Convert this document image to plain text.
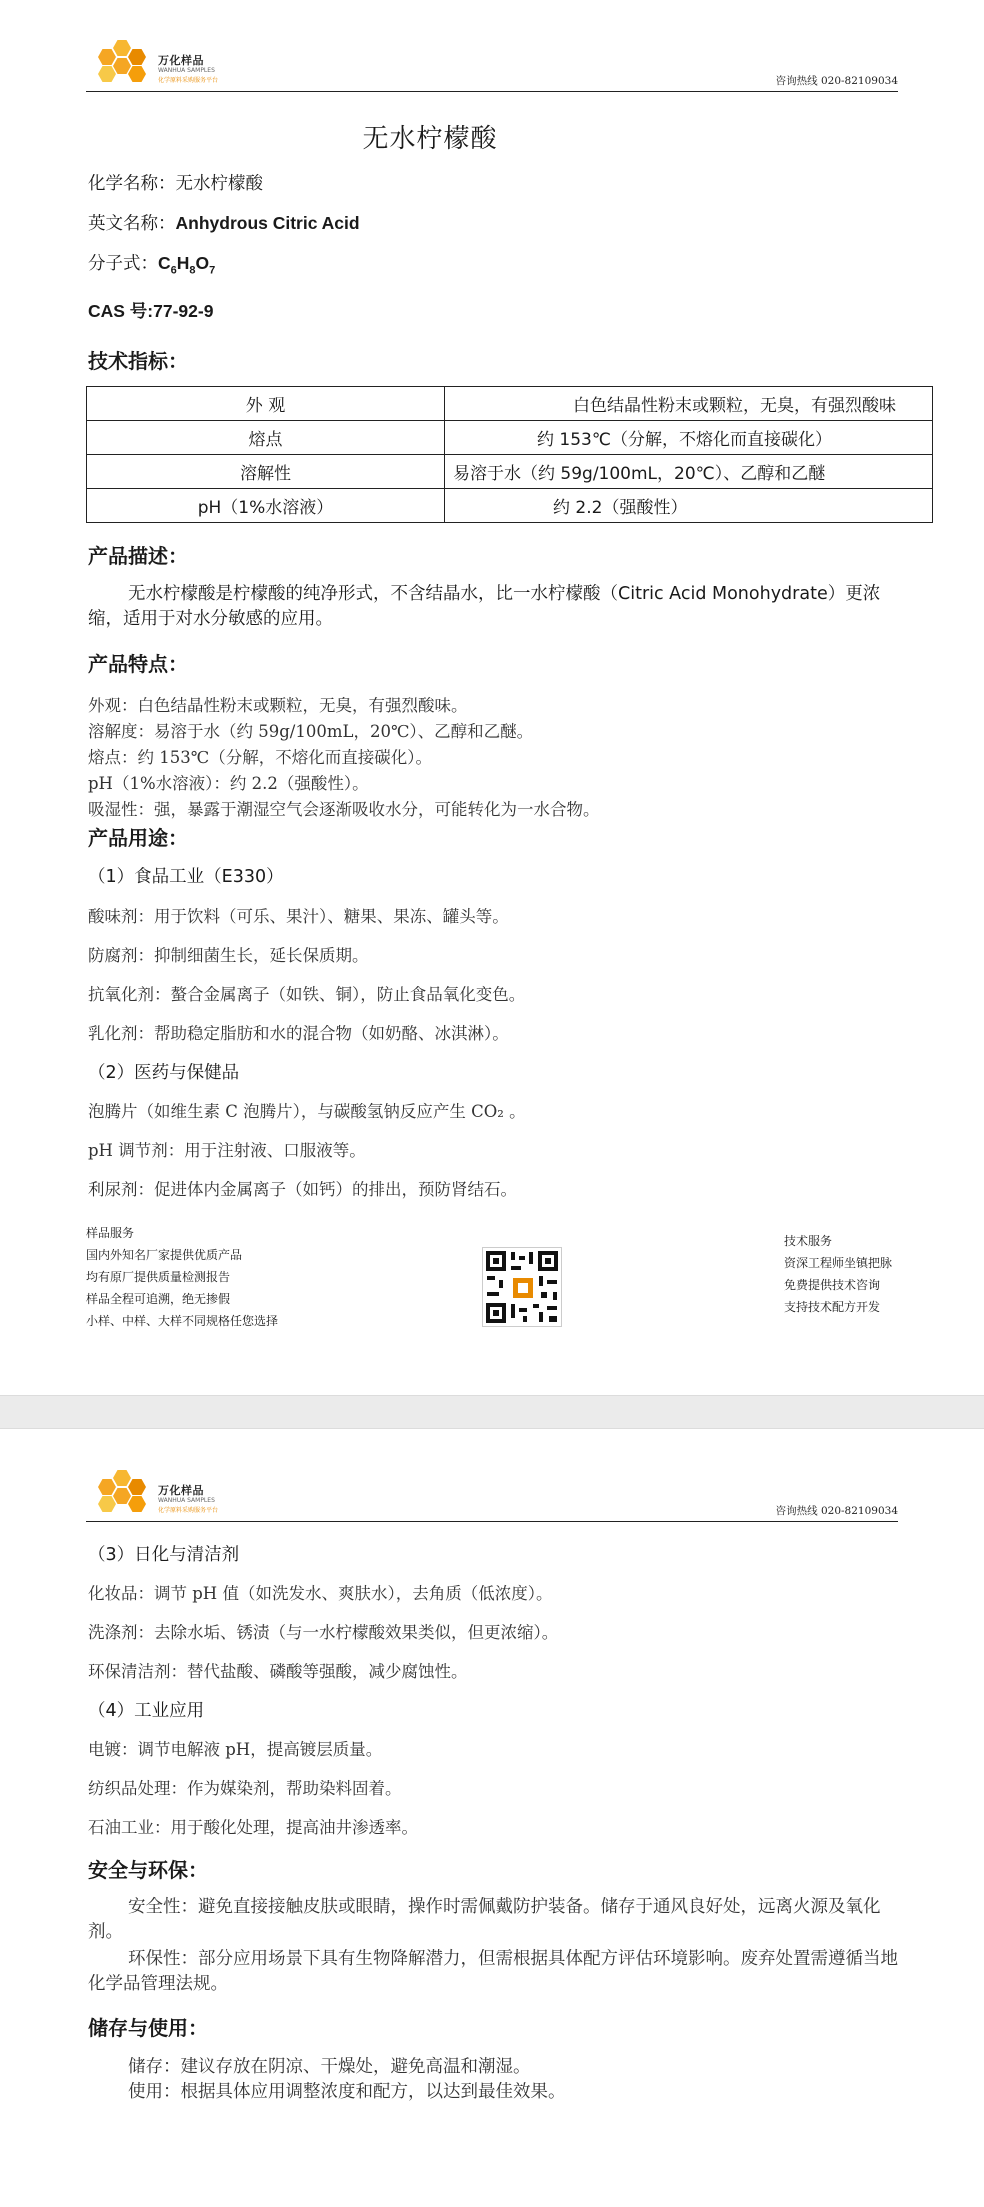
万化样品
WANHUA SAMPLES
化学原料采购服务平台	咨询热线 020-82109034
无水柠檬酸
化学名称：无水柠檬酸
英文名称：Anhydrous Citric Acid
分子式：$C_6H_8O_7$
CAS 号:77-92-9
技术指标：
外 观	白色结晶性粉末或颗粒，无臭，有强烈酸味
熔点	约 153℃（分解，不熔化而直接碳化）
溶解性	易溶于水（约 59g/100mL，20℃）、乙醇和乙醚
pH（1%水溶液）	约 2.2（强酸性）
产品描述：
无水柠檬酸是柠檬酸的纯净形式，不含结晶水，比一水柠檬酸（Citric Acid Monohydrate）更浓缩，适用于对水分敏感的应用。
产品特点：
外观：白色结晶性粉末或颗粒，无臭，有强烈酸味。
溶解度：易溶于水（约 59g/100mL，20℃）、乙醇和乙醚。
熔点：约 153℃（分解，不熔化而直接碳化）。
pH（1%水溶液）：约 2.2（强酸性）。
吸湿性：强，暴露于潮湿空气会逐渐吸收水分，可能转化为一水合物。
产品用途：
（1）食品工业（E330）
酸味剂：用于饮料（可乐、果汁）、糖果、果冻、罐头等。
防腐剂：抑制细菌生长，延长保质期。
抗氧化剂：螯合金属离子（如铁、铜），防止食品氧化变色。
乳化剂：帮助稳定脂肪和水的混合物（如奶酪、冰淇淋）。
（2）医药与保健品
泡腾片（如维生素 C 泡腾片），与碳酸氢钠反应产生 CO₂ 。
pH 调节剂：用于注射液、口服液等。
利尿剂：促进体内金属离子（如钙）的排出，预防肾结石。
样品服务
国内外知名厂家提供优质产品
均有原厂提供质量检测报告
样品全程可追溯，绝无掺假
小样、中样、大样不同规格任您选择
技术服务
资深工程师坐镇把脉
免费提供技术咨询
支持技术配方开发
万化样品
WANHUA SAMPLES
化学原料采购服务平台	咨询热线 020-82109034
（3）日化与清洁剂
化妆品：调节 pH 值（如洗发水、爽肤水），去角质（低浓度）。
洗涤剂：去除水垢、锈渍（与一水柠檬酸效果类似，但更浓缩）。
环保清洁剂：替代盐酸、磷酸等强酸，减少腐蚀性。
（4）工业应用
电镀：调节电解液 pH，提高镀层质量。
纺织品处理：作为媒染剂，帮助染料固着。
石油工业：用于酸化处理，提高油井渗透率。
安全与环保：
安全性：避免直接接触皮肤或眼睛，操作时需佩戴防护装备。储存于通风良好处，远离火源及氧化剂。
环保性：部分应用场景下具有生物降解潜力，但需根据具体配方评估环境影响。废弃处置需遵循当地化学品管理法规。
储存与使用：
储存：建议存放在阴凉、干燥处，避免高温和潮湿。
使用：根据具体应用调整浓度和配方，以达到最佳效果。
